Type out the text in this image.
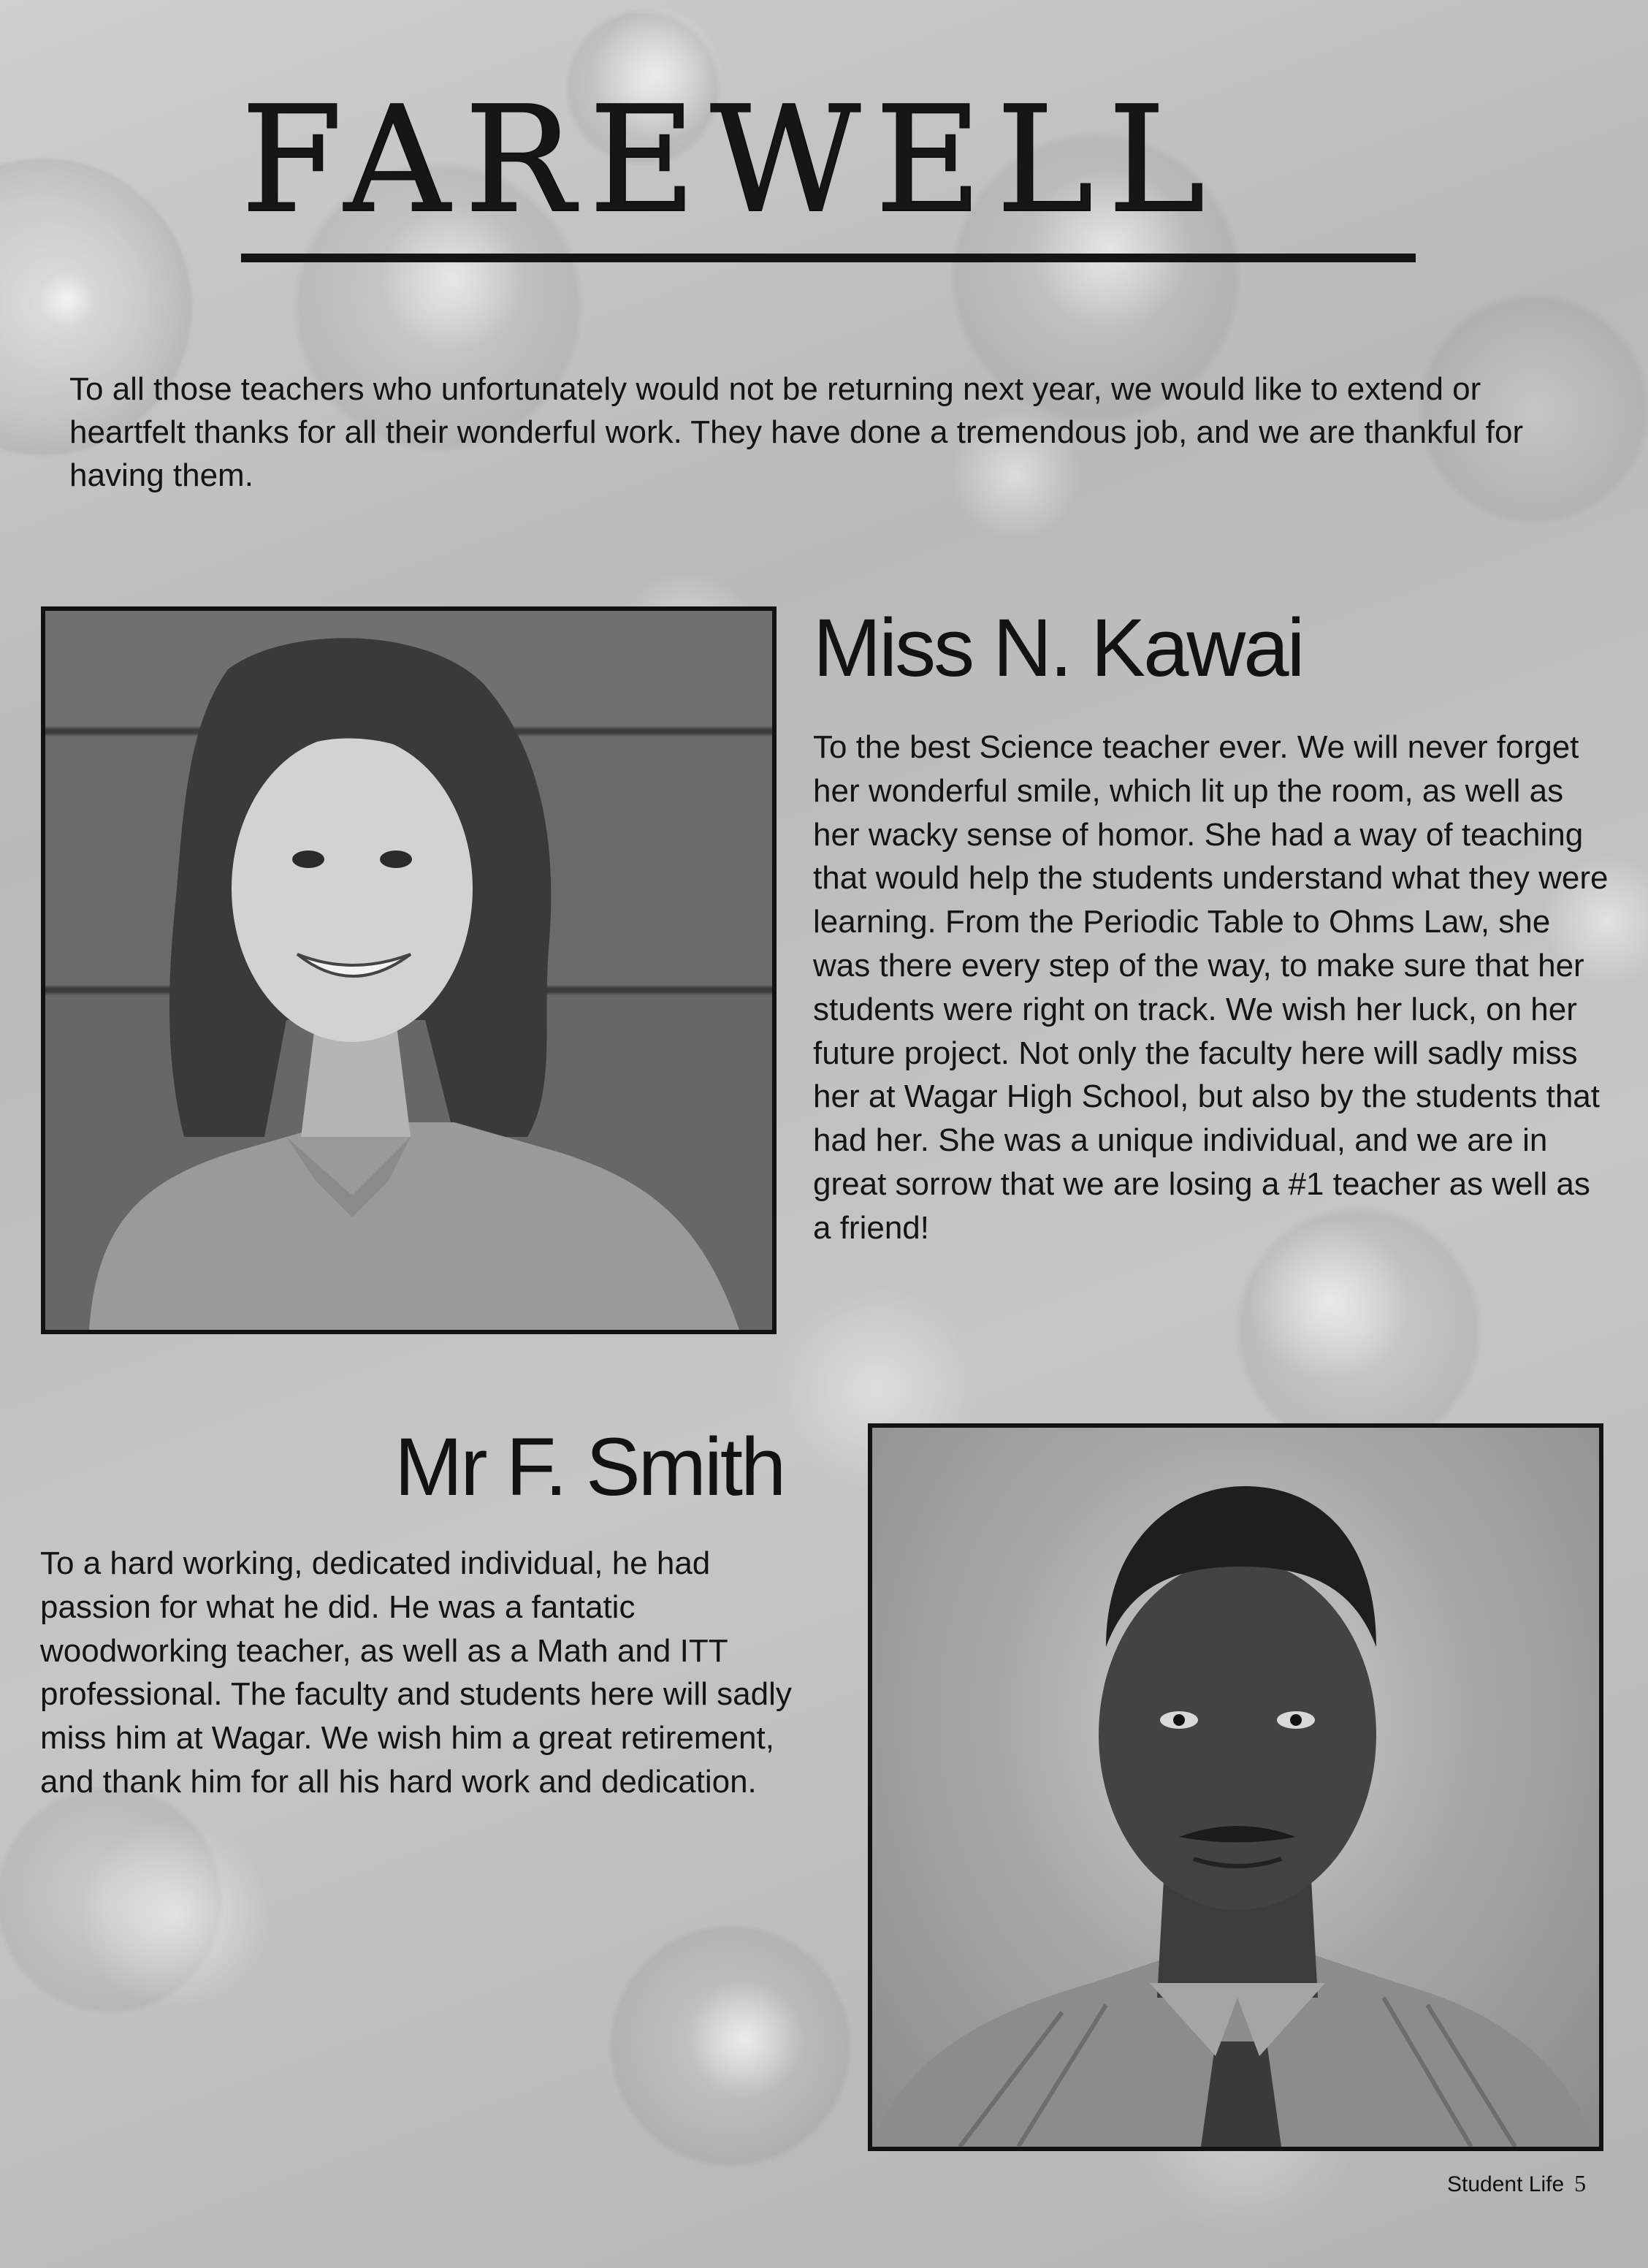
FAREWELL
To all those teachers who unfortunately would not be returning next year, we would like to extend or heartfelt thanks for all their wonderful work. They have done a tremendous job, and we are thankful for having them.
Miss N. Kawai
To the best Science teacher ever. We will never forget her wonderful smile, which lit up the room, as well as her wacky sense of homor. She had a way of teaching that would help the students understand what they were learning. From the Periodic Table to Ohms Law, she was there every step of the way, to make sure that her students were right on track. We wish her luck, on her future project. Not only the faculty here will sadly miss her at Wagar High School, but also by the students that had her. She was a unique individual, and we are in great sorrow that we are losing a #1 teacher as well as a friend!
Mr F. Smith
To a hard working, dedicated individual, he had passion for what he did. He was a fantatic woodworking teacher, as well as a Math and ITT professional. The faculty and students here will sadly miss him at Wagar. We wish him a great retirement, and thank him for all his hard work and dedication.
Student Life 5
